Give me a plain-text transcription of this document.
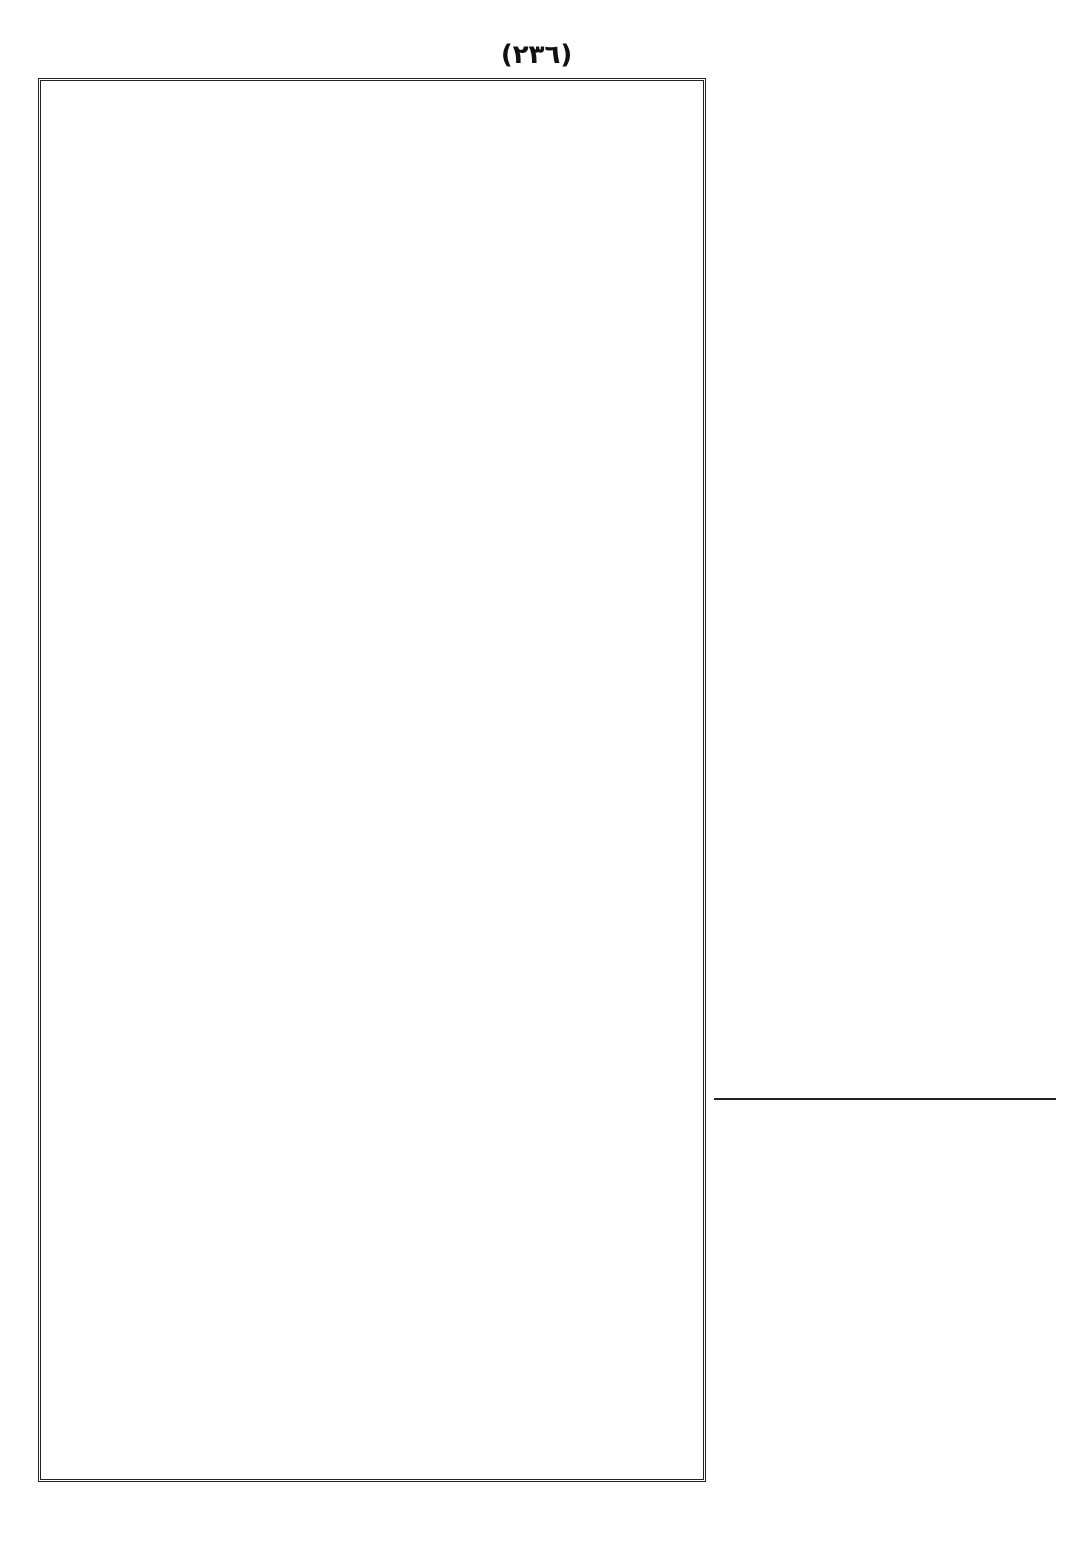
(٢٣٦)
